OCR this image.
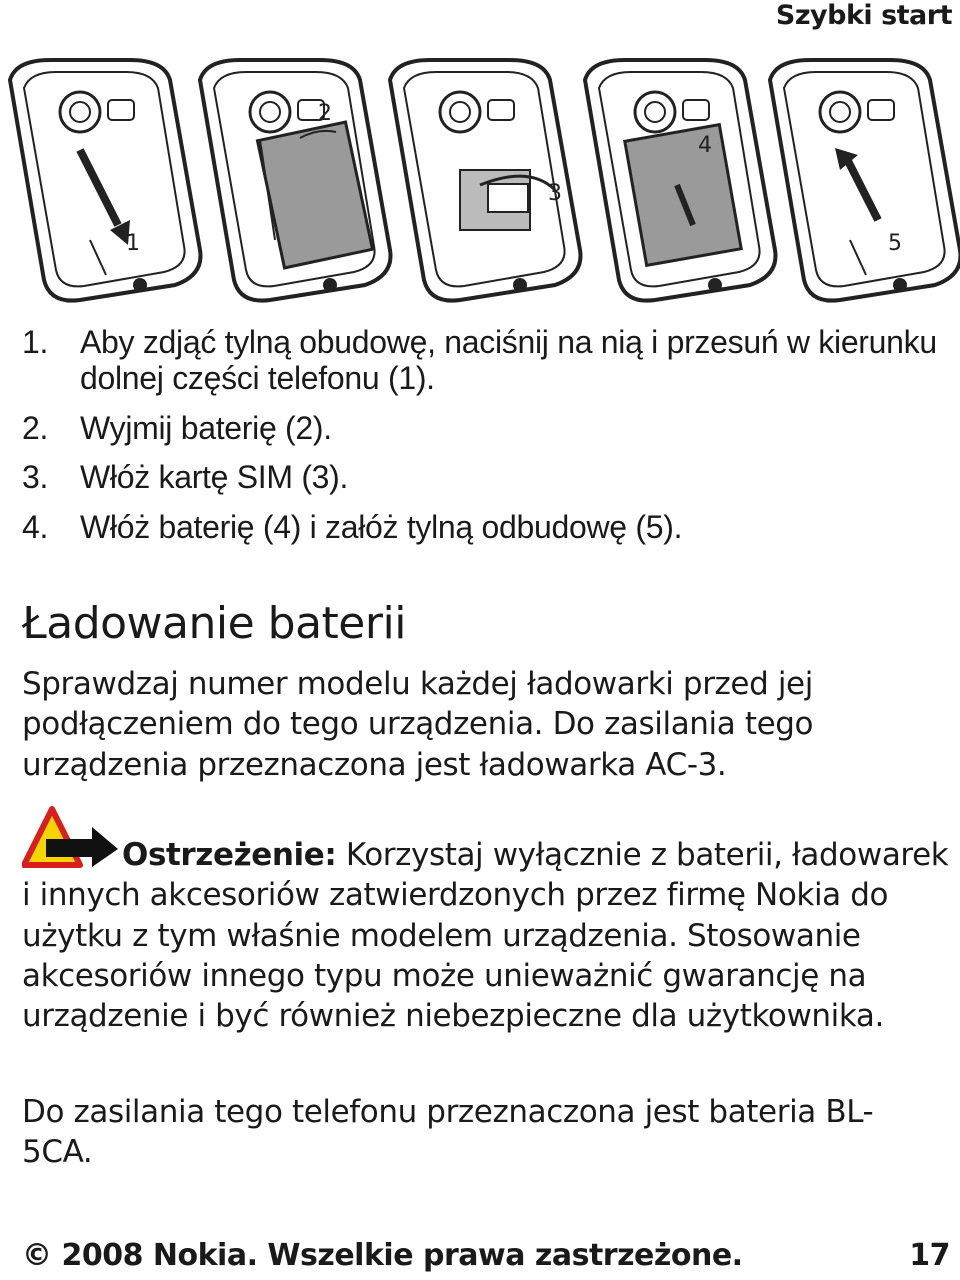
Szybki start
1
2
3
4
5
1. Aby zdjąć tylną obudowę, naciśnij na nią i przesuń w kierunku dolnej części telefonu (1).
2. Wyjmij baterię (2).
3. Włóż kartę SIM (3).
4. Włóż baterię (4) i załóż tylną odbudowę (5).
Ładowanie baterii
Sprawdzaj numer modelu każdej ładowarki przed jej podłączeniem do tego urządzenia. Do zasilania tego urządzenia przeznaczona jest ładowarka AC-3.
Ostrzeżenie: Korzystaj wyłącznie z baterii, ładowarek i innych akcesoriów zatwierdzonych przez firmę Nokia do użytku z tym właśnie modelem urządzenia. Stosowanie akcesoriów innego typu może unieważnić gwarancję na urządzenie i być również niebezpieczne dla użytkownika.
Do zasilania tego telefonu przeznaczona jest bateria BL-5CA.
© 2008 Nokia. Wszelkie prawa zastrzeżone.	17
